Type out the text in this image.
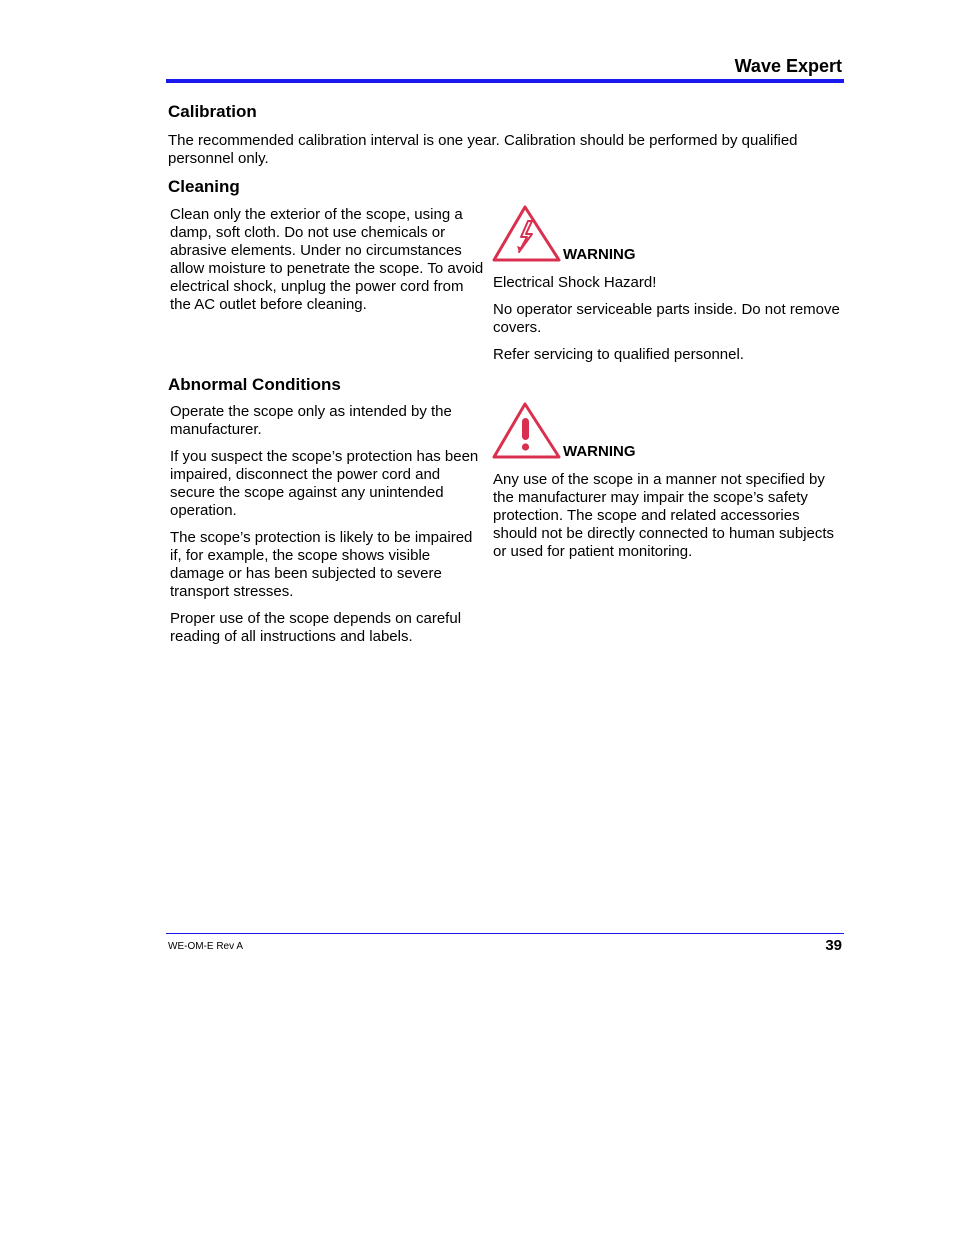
Wave Expert
Calibration
The recommended calibration interval is one year. Calibration should be performed by qualified personnel only.
Cleaning
Clean only the exterior of the scope, using a damp, soft cloth. Do not use chemicals or abrasive elements. Under no circumstances allow moisture to penetrate the scope. To avoid electrical shock, unplug the power cord from the AC outlet before cleaning.
WARNING

Electrical Shock Hazard!

No operator serviceable parts inside. Do not remove covers.

Refer servicing to qualified personnel.

Abnormal Conditions

Operate the scope only as intended by the manufacturer.

If you suspect the scope’s protection has been impaired, disconnect the power cord and secure the scope against any unintended operation.

The scope’s protection is likely to be impaired if, for example, the scope shows visible damage or has been subjected to severe transport stresses.

Proper use of the scope depends on careful reading of all instructions and labels.

WARNING
Any use of the scope in a manner not specified by the manufacturer may impair the scope’s safety protection. The scope and related accessories should not be directly connected to human subjects or used for patient monitoring.
WE-OM-E Rev A	39
